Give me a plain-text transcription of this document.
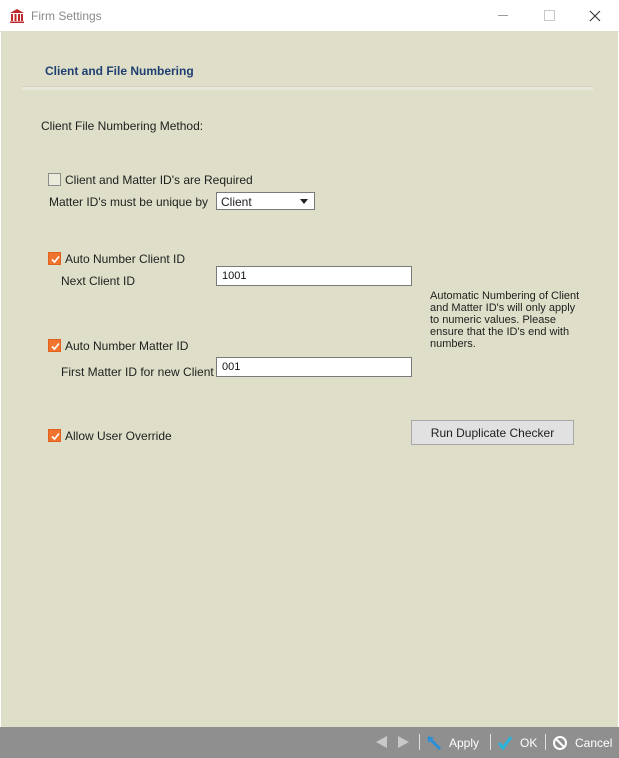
Firm Settings
Client and File Numbering
Client File Numbering Method:
Client and Matter ID's are Required
Matter ID's must be unique by Client
Auto Number Client ID
Next Client ID
1001
Automatic Numbering of Client and Matter ID's will only apply to numeric values. Please ensure that the ID's end with numbers.
Auto Number Matter ID
First Matter ID for new Client
001
Allow User Override	Run Duplicate Checker
Apply	OK	Cancel
